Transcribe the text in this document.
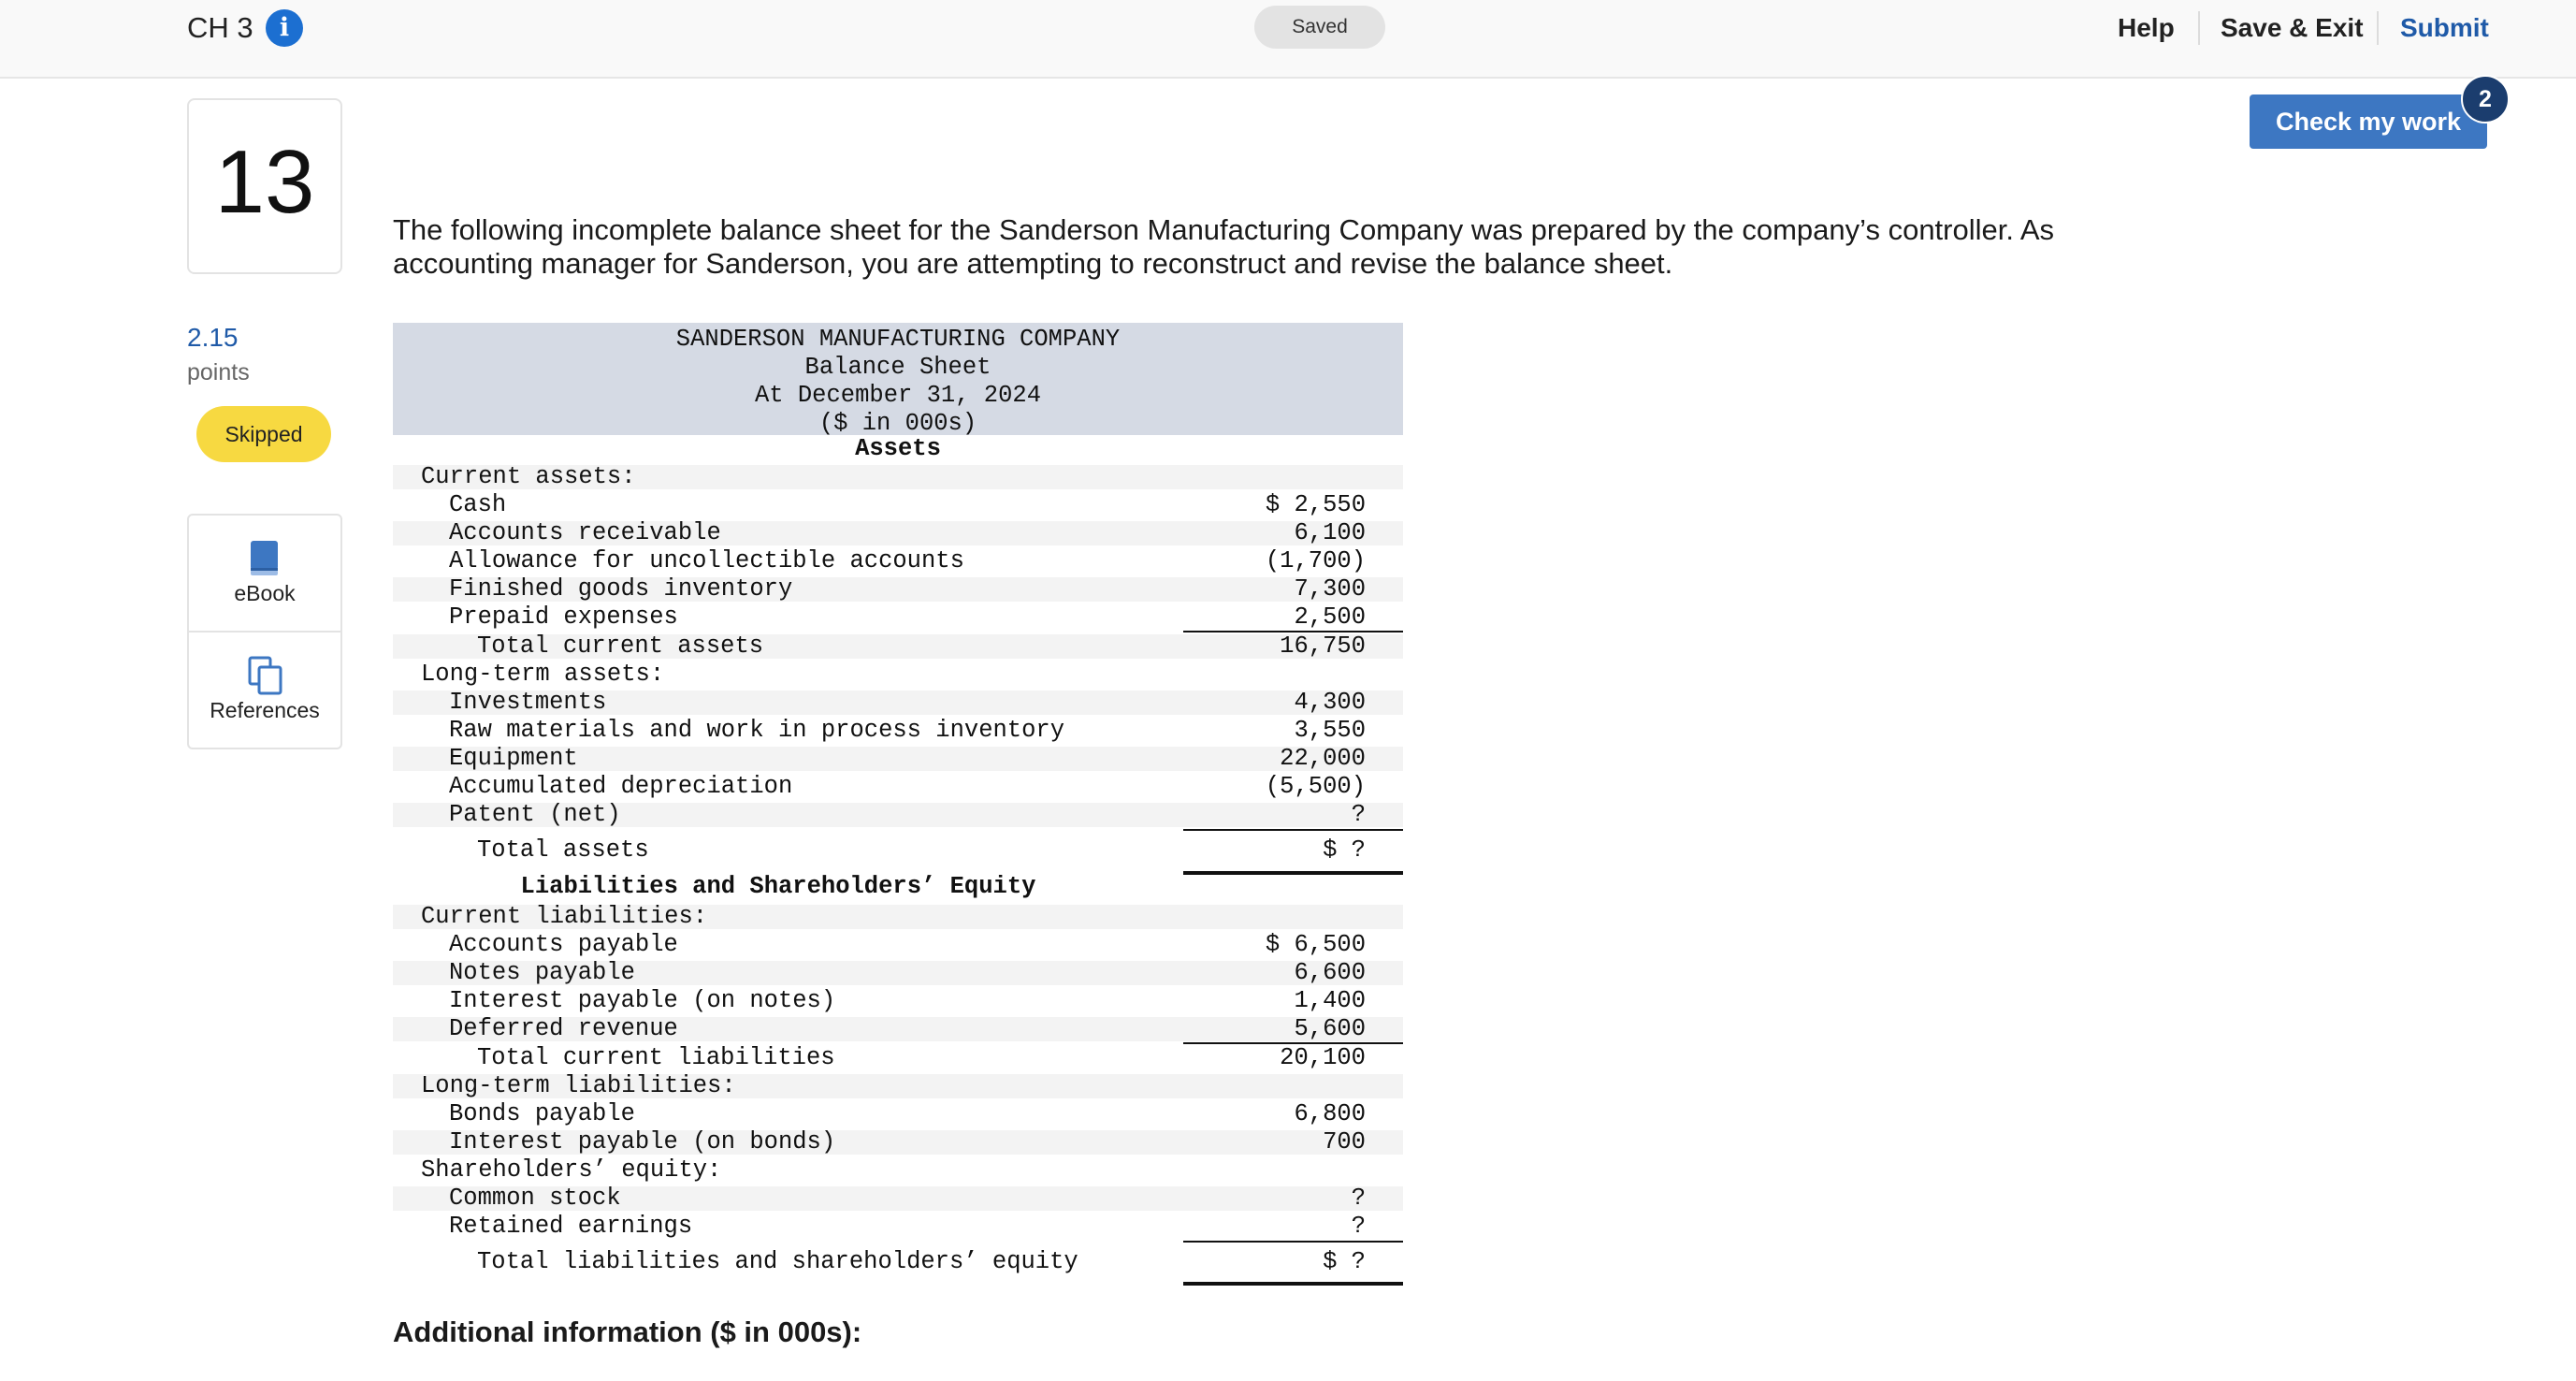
CH 3	i	Saved	Help Save & Exit Submit
Check my work
2
13
2.15
points
Skipped
eBook
References
The following incomplete balance sheet for the Sanderson Manufacturing Company was prepared by the company’s controller. As accounting manager for Sanderson, you are attempting to reconstruct and revise the balance sheet.
SANDERSON MANUFACTURING COMPANY
Balance Sheet
At December 31, 2024
($ in 000s)
Assets
Liabilities and Shareholders’ Equity
Current assets:
Cash	$ 2,550
Accounts receivable	6,100
Allowance for uncollectible accounts	(1,700)
Finished goods inventory	7,300
Prepaid expenses	2,500
Total current assets	16,750
Long-term assets:
Investments	4,300
Raw materials and work in process inventory	3,550
Equipment	22,000
Accumulated depreciation	(5,500)
Patent (net)	?
Total assets	$ ?
Current liabilities:
Accounts payable	$ 6,500
Notes payable	6,600
Interest payable (on notes)	1,400
Deferred revenue	5,600
Total current liabilities	20,100
Long-term liabilities:
Bonds payable	6,800
Interest payable (on bonds)	700
Shareholders’ equity:
Common stock	?
Retained earnings	?
Total liabilities and shareholders’ equity	$ ?
Additional information ($ in 000s):
